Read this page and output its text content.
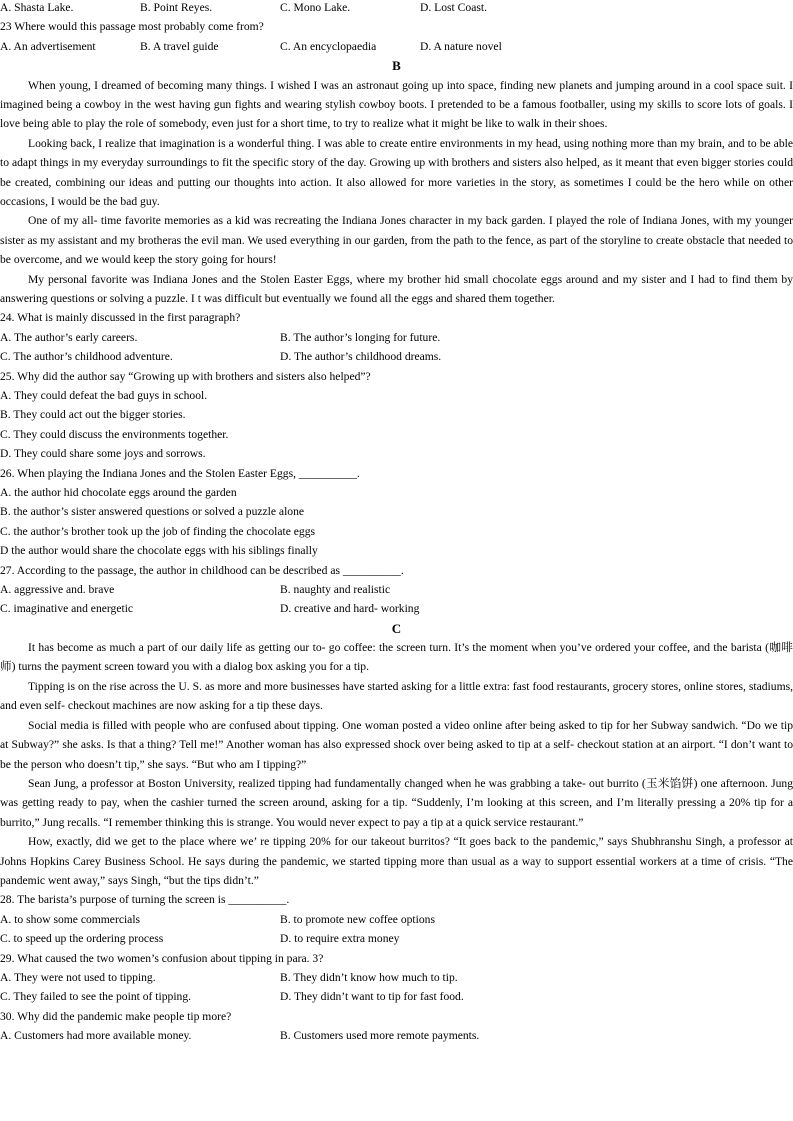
A. Shasta Lake.	B. Point Reyes.	C. Mono Lake.	D. Lost Coast.
23 Where would this passage most probably come from?
A. An advertisement	B. A travel guide	C. An encyclopaedia	D. A nature novel
B

When young, I dreamed of becoming many things. I wished I was an astronaut going up into space, finding new planets and jumping around in a cool space suit. I imagined being a cowboy in the west having gun fights and wearing stylish cowboy boots. I pretended to be a famous footballer, using my skills to score lots of goals. I love being able to play the role of somebody, even just for a short time, to try to realize what it might be like to walk in their shoes.

Looking back, I realize that imagination is a wonderful thing. I was able to create entire environments in my head, using nothing more than my brain, and to be able to adapt things in my everyday surroundings to fit the specific story of the day. Growing up with brothers and sisters also helped, as it meant that even bigger stories could be created, combining our ideas and putting our thoughts into action. It also allowed for more varieties in the story, as sometimes I could be the hero while on other occasions, I would be the bad guy.

One of my all- time favorite memories as a kid was recreating the Indiana Jones character in my back garden. I played the role of Indiana Jones, with my younger sister as my assistant and my brotheras the evil man. We used everything in our garden, from the path to the fence, as part of the storyline to create obstacle that needed to be overcome, and we would keep the story going for hours!

My personal favorite was Indiana Jones and the Stolen Easter Eggs, where my brother hid small chocolate eggs around and my sister and I had to find them by answering questions or solving a puzzle. I t was difficult but eventually we found all the eggs and shared them together.

24. What is mainly discussed in the first paragraph?
A. The author’s early careers.	B. The author’s longing for future.
C. The author’s childhood adventure.	D. The author’s childhood dreams.
25. Why did the author say “Growing up with brothers and sisters also helped”?
A. They could defeat the bad guys in school.
B. They could act out the bigger stories.
C. They could discuss the environments together.
D. They could share some joys and sorrows.
26. When playing the Indiana Jones and the Stolen Easter Eggs, __________.
A. the author hid chocolate eggs around the garden
B. the author’s sister answered questions or solved a puzzle alone
C. the author’s brother took up the job of finding the chocolate eggs
D the author would share the chocolate eggs with his siblings finally
27. According to the passage, the author in childhood can be described as __________.
A. aggressive and. brave	B. naughty and realistic
C. imaginative and energetic	D. creative and hard- working
C

It has become as much a part of our daily life as getting our to- go coffee: the screen turn. It’s the moment when you’ve ordered your coffee, and the barista (咖啡师) turns the payment screen toward you with a dialog box asking you for a tip.

Tipping is on the rise across the U. S. as more and more businesses have started asking for a little extra: fast food restaurants, grocery stores, online stores, stadiums, and even self- checkout machines are now asking for a tip these days.

Social media is filled with people who are confused about tipping. One woman posted a video online after being asked to tip for her Subway sandwich. “Do we tip at Subway?” she asks. Is that a thing? Tell me!” Another woman has also expressed shock over being asked to tip at a self- checkout station at an airport. “I don’t want to be the person who doesn’t tip,” she says. “But who am I tipping?”

Sean Jung, a professor at Boston University, realized tipping had fundamentally changed when he was grabbing a take- out burrito (玉米馅饼) one afternoon. Jung was getting ready to pay, when the cashier turned the screen around, asking for a tip. “Suddenly, I’m looking at this screen, and I’m literally pressing a 20% tip for a burrito,” Jung recalls. “I remember thinking this is strange. You would never expect to pay a tip at a quick service restaurant.”

How, exactly, did we get to the place where we’ re tipping 20% for our takeout burritos? “It goes back to the pandemic,” says Shubhranshu Singh, a professor at Johns Hopkins Carey Business School. He says during the pandemic, we started tipping more than usual as a way to support essential workers at a time of crisis. “The pandemic went away,” says Singh, “but the tips didn’t.”

28. The barista’s purpose of turning the screen is __________.
A. to show some commercials	B. to promote new coffee options
C. to speed up the ordering process	D. to require extra money
29. What caused the two women’s confusion about tipping in para. 3?
A. They were not used to tipping.	B. They didn’t know how much to tip.
C. They failed to see the point of tipping.	D. They didn’t want to tip for fast food.
30. Why did the pandemic make people tip more?
A. Customers had more available money.	B. Customers used more remote payments.
